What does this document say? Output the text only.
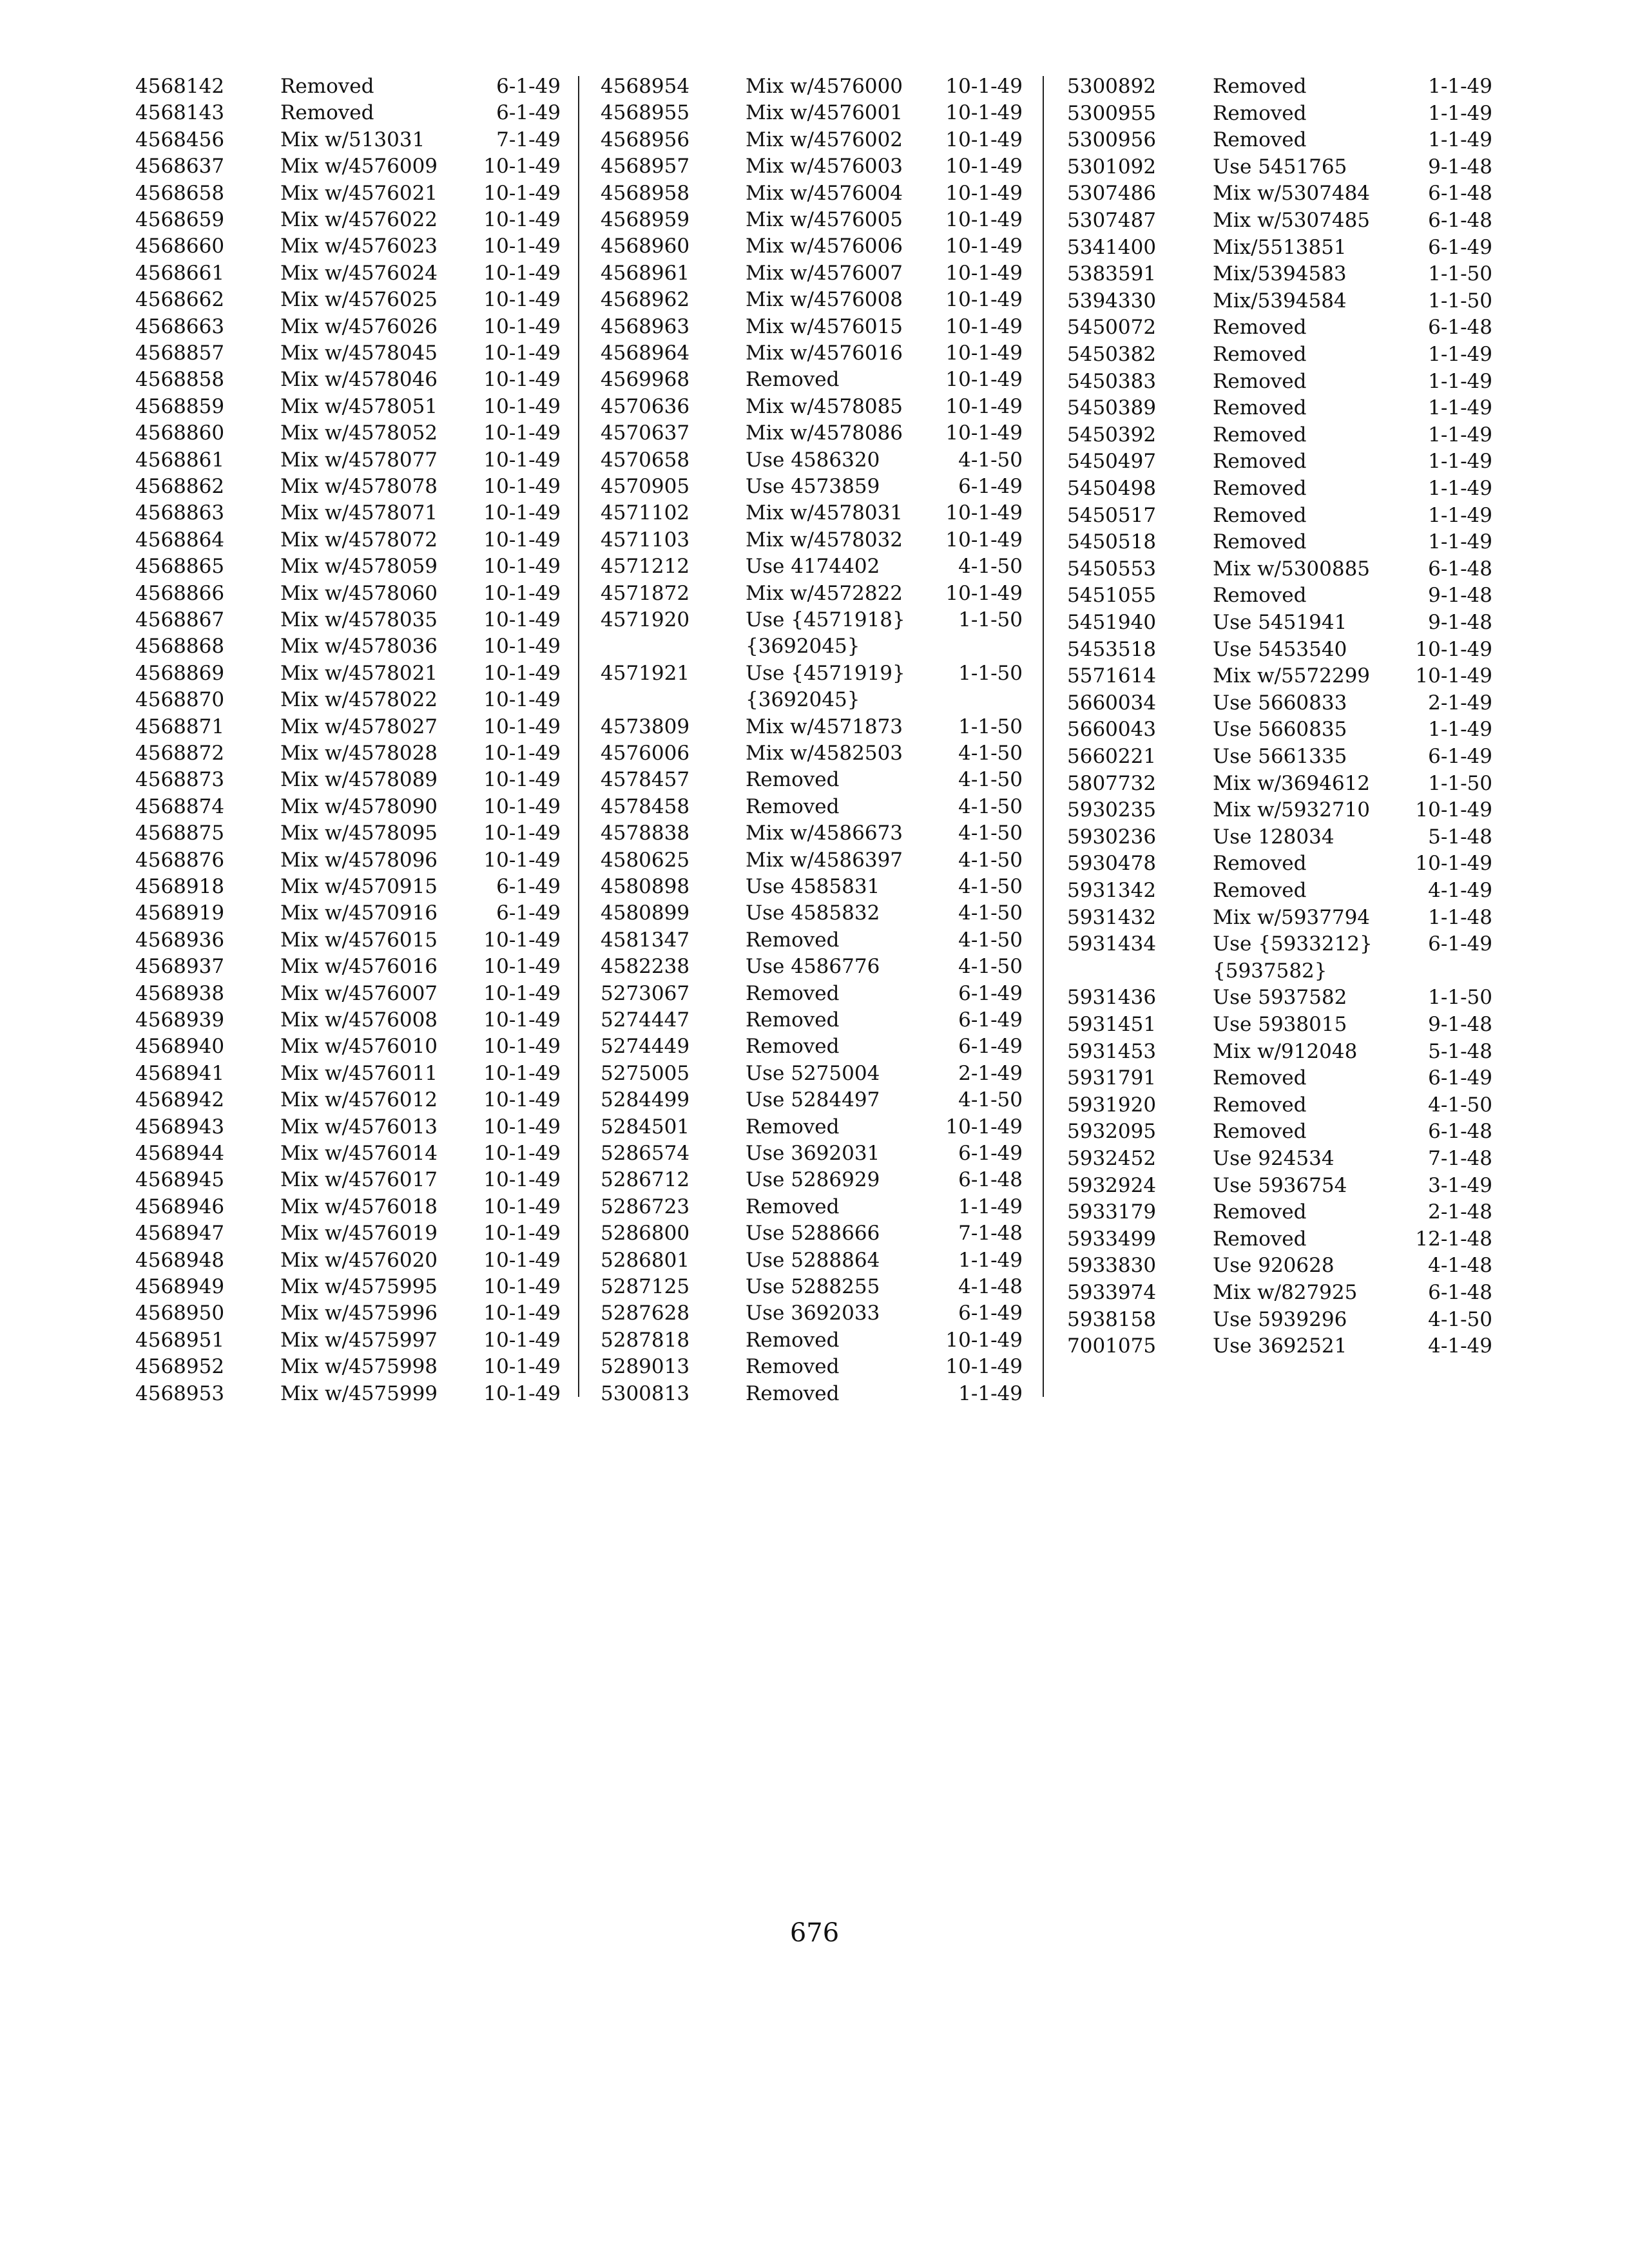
4568142	Removed	6-1-49
4568143	Removed	6-1-49
4568456	Mix w/513031	7-1-49
4568637	Mix w/4576009 10-1-49
4568658	Mix w/4576021 10-1-49
4568659	Mix w/4576022 10-1-49
4568660	Mix w/4576023 10-1-49
4568661	Mix w/4576024 10-1-49
4568662	Mix w/4576025 10-1-49
4568663	Mix w/4576026 10-1-49
4568857	Mix w/4578045 10-1-49
4568858	Mix w/4578046 10-1-49
4568859	Mix w/4578051 10-1-49
4568860	Mix w/4578052 10-1-49
4568861	Mix w/4578077 10-1-49
4568862	Mix w/4578078 10-1-49
4568863	Mix w/4578071 10-1-49
4568864	Mix w/4578072 10-1-49
4568865	Mix w/4578059 10-1-49
4568866	Mix w/4578060 10-1-49
4568867	Mix w/4578035 10-1-49
4568868	Mix w/4578036 10-1-49
4568869	Mix w/4578021 10-1-49
4568870	Mix w/4578022 10-1-49
4568871	Mix w/4578027 10-1-49
4568872	Mix w/4578028 10-1-49
4568873	Mix w/4578089 10-1-49
4568874	Mix w/4578090 10-1-49
4568875	Mix w/4578095 10-1-49
4568876	Mix w/4578096 10-1-49
4568918	Mix w/4570915	6-1-49
4568919	Mix w/4570916	6-1-49
4568936	Mix w/4576015 10-1-49
4568937	Mix w/4576016 10-1-49
4568938	Mix w/4576007 10-1-49
4568939	Mix w/4576008 10-1-49
4568940	Mix w/4576010 10-1-49
4568941	Mix w/4576011 10-1-49
4568942	Mix w/4576012 10-1-49
4568943	Mix w/4576013 10-1-49
4568944	Mix w/4576014 10-1-49
4568945	Mix w/4576017 10-1-49
4568946	Mix w/4576018 10-1-49
4568947	Mix w/4576019 10-1-49
4568948	Mix w/4576020 10-1-49
4568949	Mix w/4575995 10-1-49
4568950	Mix w/4575996 10-1-49
4568951	Mix w/4575997 10-1-49
4568952	Mix w/4575998 10-1-49
4568953	Mix w/4575999 10-1-49
4568954	Mix w/4576000 10-1-49
4568955	Mix w/4576001 10-1-49
4568956	Mix w/4576002 10-1-49
4568957	Mix w/4576003 10-1-49
4568958	Mix w/4576004 10-1-49
4568959	Mix w/4576005 10-1-49
4568960	Mix w/4576006 10-1-49
4568961	Mix w/4576007 10-1-49
4568962	Mix w/4576008 10-1-49
4568963	Mix w/4576015 10-1-49
4568964	Mix w/4576016 10-1-49
4569968	Removed	10-1-49
4570636	Mix w/4578085 10-1-49
4570637	Mix w/4578086 10-1-49
4570658	Use 4586320	4-1-50
4570905	Use 4573859	6-1-49
4571102	Mix w/4578031 10-1-49
4571103	Mix w/4578032 10-1-49
4571212	Use 4174402	4-1-50
4571872	Mix w/4572822 10-1-49
4571920	Use {4571918}	1-1-50
{3692045}
4571921	Use {4571919}	1-1-50
{3692045}
4573809	Mix w/4571873	1-1-50
4576006	Mix w/4582503	4-1-50
4578457	Removed	4-1-50
4578458	Removed	4-1-50
4578838	Mix w/4586673	4-1-50
4580625	Mix w/4586397	4-1-50
4580898	Use 4585831	4-1-50
4580899	Use 4585832	4-1-50
4581347	Removed	4-1-50
4582238	Use 4586776	4-1-50
5273067	Removed	6-1-49
5274447	Removed	6-1-49
5274449	Removed	6-1-49
5275005	Use 5275004	2-1-49
5284499	Use 5284497	4-1-50
5284501	Removed	10-1-49
5286574	Use 3692031	6-1-49
5286712	Use 5286929	6-1-48
5286723	Removed	1-1-49
5286800	Use 5288666	7-1-48
5286801	Use 5288864	1-1-49
5287125	Use 5288255	4-1-48
5287628	Use 3692033	6-1-49
5287818	Removed	10-1-49
5289013	Removed	10-1-49
5300813	Removed	1-1-49
5300892	Removed	1-1-49
5300955	Removed	1-1-49
5300956	Removed	1-1-49
5301092	Use 5451765	9-1-48
5307486	Mix w/5307484	6-1-48
5307487	Mix w/5307485	6-1-48
5341400	Mix/5513851	6-1-49
5383591	Mix/5394583	1-1-50
5394330	Mix/5394584	1-1-50
5450072	Removed	6-1-48
5450382	Removed	1-1-49
5450383	Removed	1-1-49
5450389	Removed	1-1-49
5450392	Removed	1-1-49
5450497	Removed	1-1-49
5450498	Removed	1-1-49
5450517	Removed	1-1-49
5450518	Removed	1-1-49
5450553	Mix w/5300885	6-1-48
5451055	Removed	9-1-48
5451940	Use 5451941	9-1-48
5453518	Use 5453540	10-1-49
5571614	Mix w/5572299 10-1-49
5660034	Use 5660833	2-1-49
5660043	Use 5660835	1-1-49
5660221	Use 5661335	6-1-49
5807732	Mix w/3694612	1-1-50
5930235	Mix w/5932710 10-1-49
5930236	Use 128034	5-1-48
5930478	Removed	10-1-49
5931342	Removed	4-1-49
5931432	Mix w/5937794	1-1-48
5931434	Use {5933212}	6-1-49
{5937582}
5931436	Use 5937582	1-1-50
5931451	Use 5938015	9-1-48
5931453	Mix w/912048	5-1-48
5931791	Removed	6-1-49
5931920	Removed	4-1-50
5932095	Removed	6-1-48
5932452	Use 924534	7-1-48
5932924	Use 5936754	3-1-49
5933179	Removed	2-1-48
5933499	Removed	12-1-48
5933830	Use 920628	4-1-48
5933974	Mix w/827925	6-1-48
5938158	Use 5939296	4-1-50
7001075	Use 3692521	4-1-49
676
